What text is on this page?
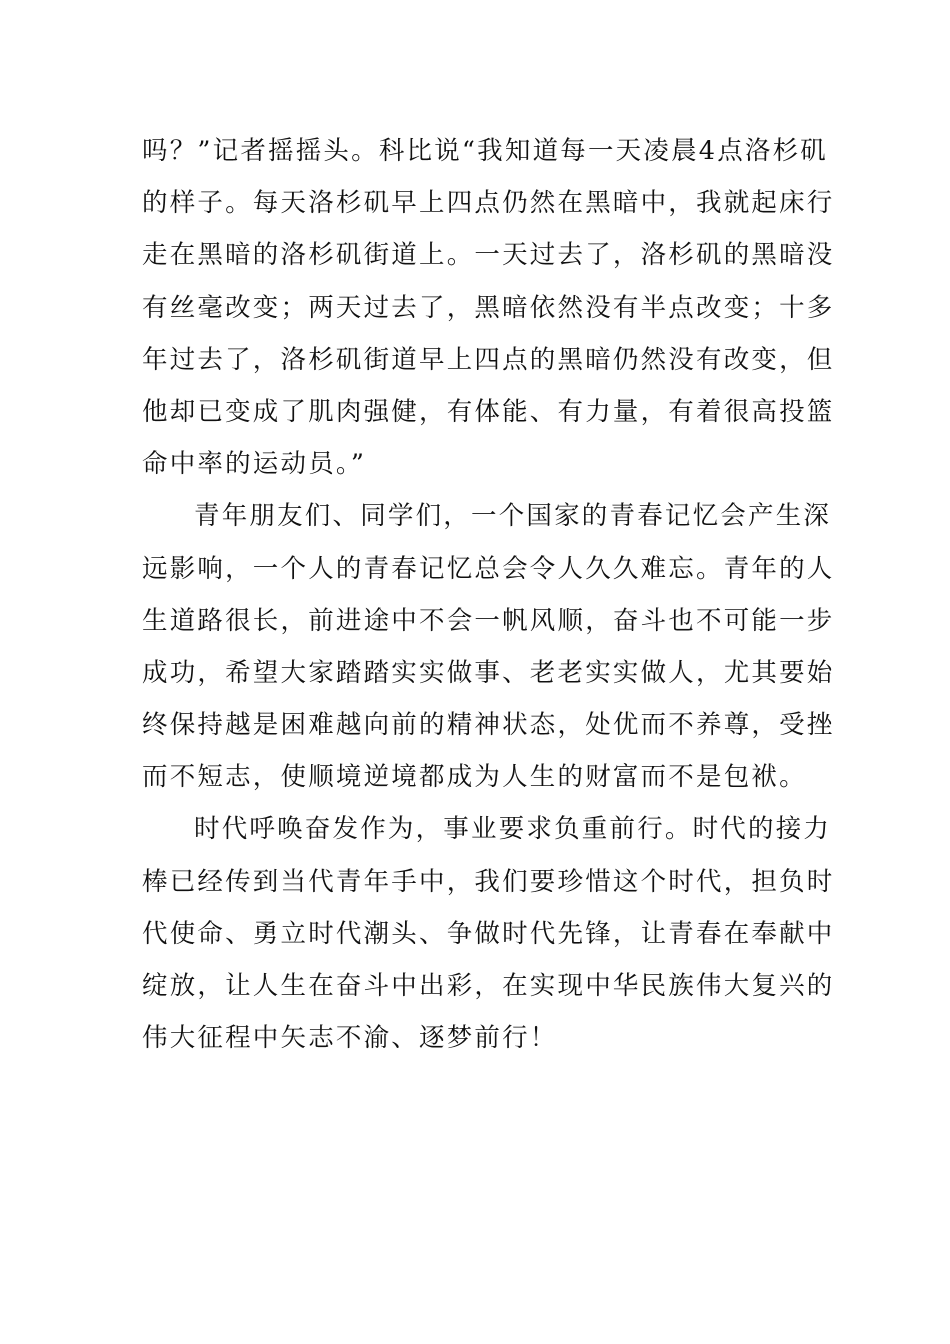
吗？”记者摇摇头。科比说“我知道每一天凌晨4点洛杉矶
的样子。每天洛杉矶早上四点仍然在黑暗中，我就起床行
走在黑暗的洛杉矶街道上。一天过去了，洛杉矶的黑暗没
有丝毫改变；两天过去了，黑暗依然没有半点改变；十多
年过去了，洛杉矶街道早上四点的黑暗仍然没有改变，但
他却已变成了肌肉强健，有体能、有力量，有着很高投篮
命中率的运动员。”
青年朋友们、同学们，一个国家的青春记忆会产生深
远影响，一个人的青春记忆总会令人久久难忘。青年的人
生道路很长，前进途中不会一帆风顺，奋斗也不可能一步
成功，希望大家踏踏实实做事、老老实实做人，尤其要始
终保持越是困难越向前的精神状态，处优而不养尊，受挫
而不短志，使顺境逆境都成为人生的财富而不是包袱。
时代呼唤奋发作为，事业要求负重前行。时代的接力
棒已经传到当代青年手中，我们要珍惜这个时代，担负时
代使命、勇立时代潮头、争做时代先锋，让青春在奉献中
绽放，让人生在奋斗中出彩，在实现中华民族伟大复兴的
伟大征程中矢志不渝、逐梦前行！
